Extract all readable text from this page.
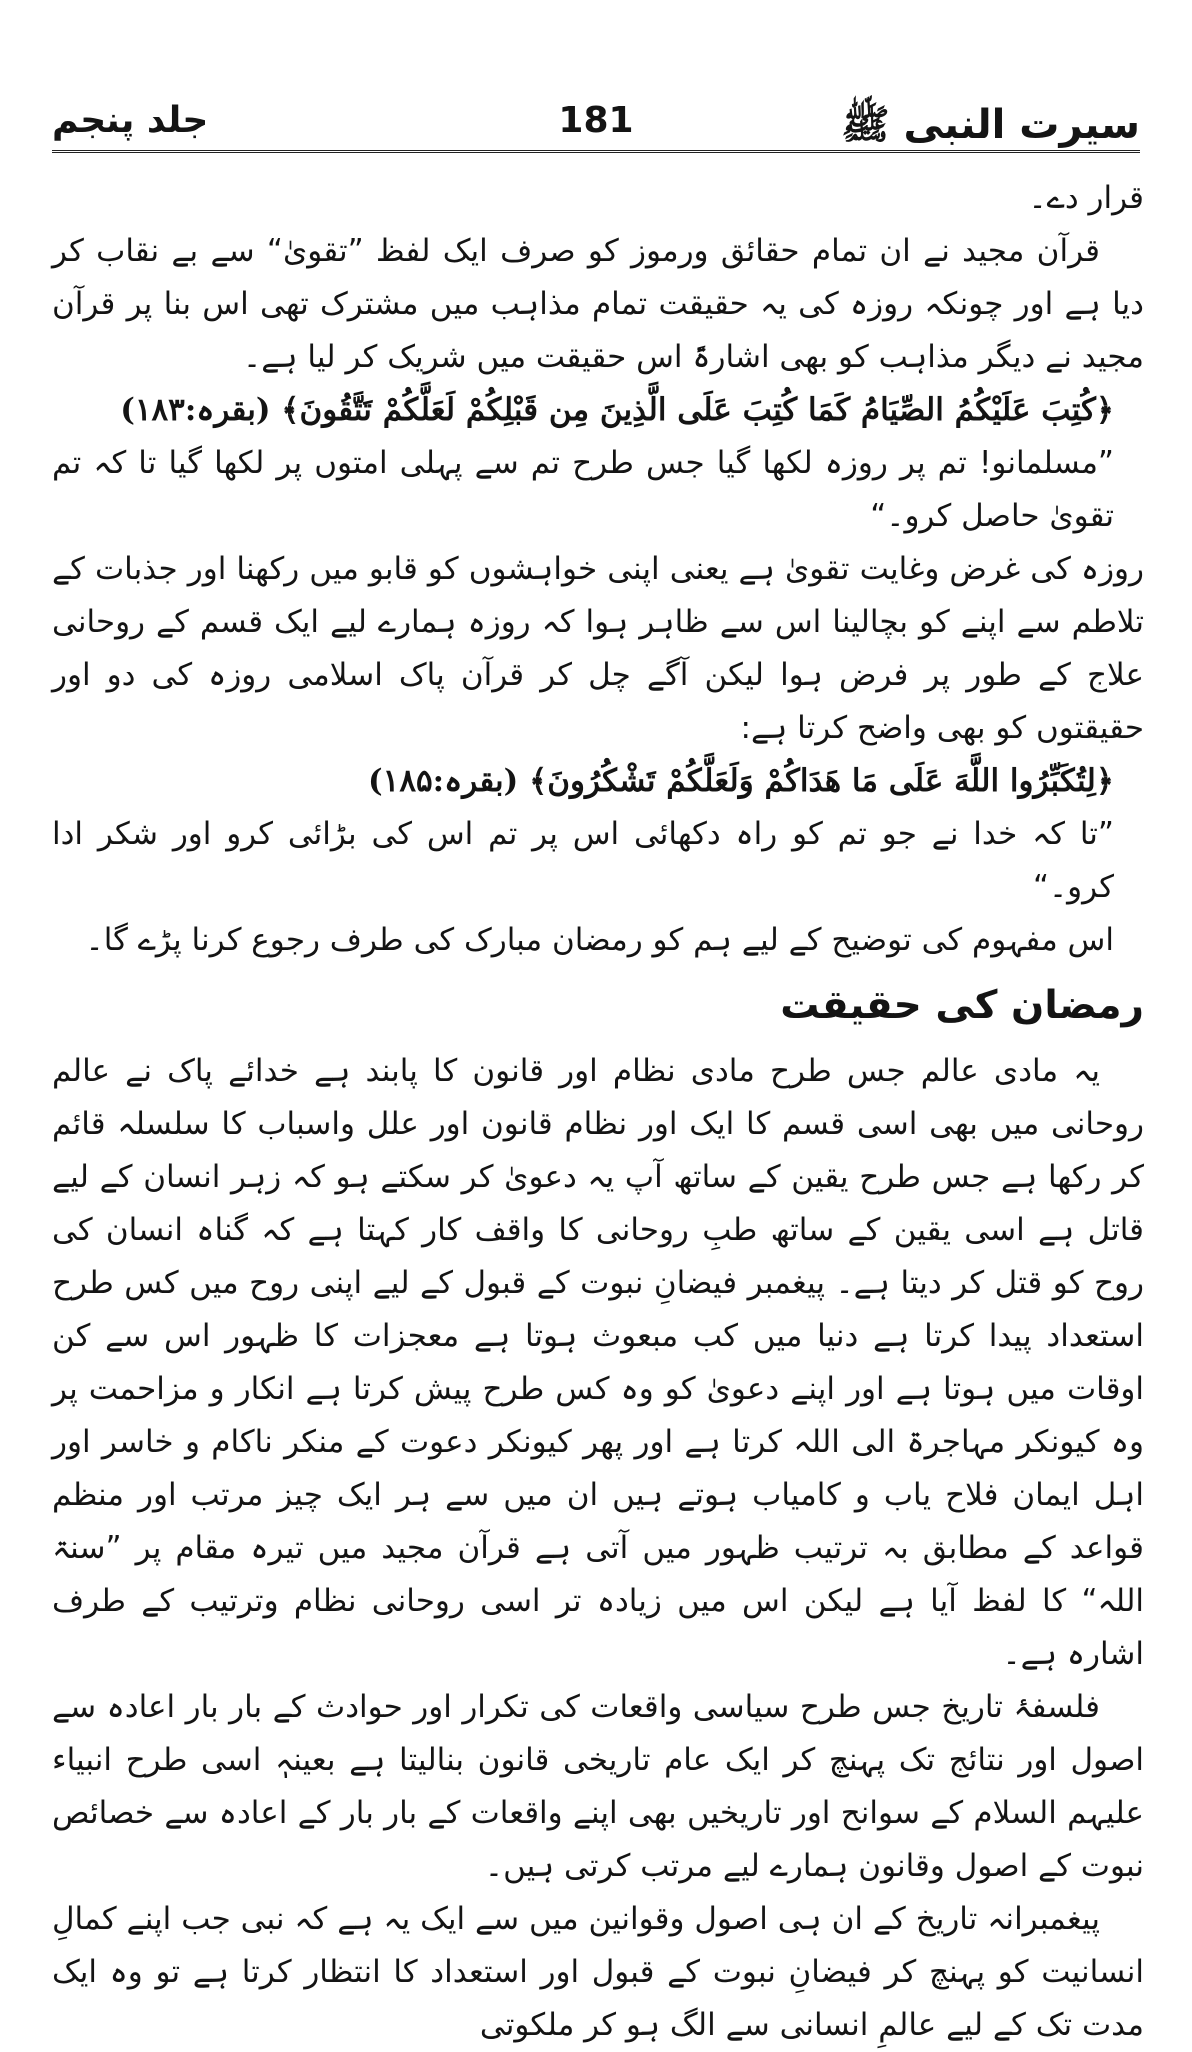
سیرت النبی ﷺ
181
جلد پنجم

قرار دے۔

قرآن مجید نے ان تمام حقائق ورموز کو صرف ایک لفظ ”تقویٰ“ سے بے نقاب کر دیا ہے اور چونکہ روزہ کی یہ حقیقت تمام مذاہب میں مشترک تھی اس بنا پر قرآن مجید نے دیگر مذاہب کو بھی اشارۃً اس حقیقت میں شریک کر لیا ہے۔

﴿كُتِبَ عَلَيْكُمُ الصِّيَامُ كَمَا كُتِبَ عَلَى الَّذِينَ مِن قَبْلِكُمْ لَعَلَّكُمْ تَتَّقُونَ﴾ (بقرہ:۱۸۳)

”مسلمانو! تم پر روزہ لکھا گیا جس طرح تم سے پہلی امتوں پر لکھا گیا تا کہ تم تقویٰ حاصل کرو۔“

روزہ کی غرض وغایت تقویٰ ہے یعنی اپنی خواہشوں کو قابو میں رکھنا اور جذبات کے تلاطم سے اپنے کو بچالینا اس سے ظاہر ہوا کہ روزہ ہمارے لیے ایک قسم کے روحانی علاج کے طور پر فرض ہوا لیکن آگے چل کر قرآن پاک اسلامی روزہ کی دو اور حقیقتوں کو بھی واضح کرتا ہے:

﴿لِتُكَبِّرُوا اللَّهَ عَلَى مَا هَدَاكُمْ وَلَعَلَّكُمْ تَشْكُرُونَ﴾ (بقرہ:۱۸۵)

”تا کہ خدا نے جو تم کو راہ دکھائی اس پر تم اس کی بڑائی کرو اور شکر ادا کرو۔“

اس مفہوم کی توضیح کے لیے ہم کو رمضان مبارک کی طرف رجوع کرنا پڑے گا۔

رمضان کی حقیقت

یہ مادی عالم جس طرح مادی نظام اور قانون کا پابند ہے خدائے پاک نے عالم روحانی میں بھی اسی قسم کا ایک اور نظام قانون اور علل واسباب کا سلسلہ قائم کر رکھا ہے جس طرح یقین کے ساتھ آپ یہ دعویٰ کر سکتے ہو کہ زہر انسان کے لیے قاتل ہے اسی یقین کے ساتھ طبِ روحانی کا واقف کار کہتا ہے کہ گناہ انسان کی روح کو قتل کر دیتا ہے۔ پیغمبر فیضانِ نبوت کے قبول کے لیے اپنی روح میں کس طرح استعداد پیدا کرتا ہے دنیا میں کب مبعوث ہوتا ہے معجزات کا ظہور اس سے کن اوقات میں ہوتا ہے اور اپنے دعویٰ کو وہ کس طرح پیش کرتا ہے انکار و مزاحمت پر وہ کیونکر مہاجرۃ الی اللہ کرتا ہے اور پھر کیونکر دعوت کے منکر ناکام و خاسر اور اہل ایمان فلاح یاب و کامیاب ہوتے ہیں ان میں سے ہر ایک چیز مرتب اور منظم قواعد کے مطابق بہ ترتیب ظہور میں آتی ہے قرآن مجید میں تیرہ مقام پر ”سنۃ اللہ“ کا لفظ آیا ہے لیکن اس میں زیادہ تر اسی روحانی نظام وترتیب کے طرف اشارہ ہے۔

فلسفۂ تاریخ جس طرح سیاسی واقعات کی تکرار اور حوادث کے بار بار اعادہ سے اصول اور نتائج تک پہنچ کر ایک عام تاریخی قانون بنالیتا ہے بعینہٖ اسی طرح انبیاء علیہم السلام کے سوانح اور تاریخیں بھی اپنے واقعات کے بار بار کے اعادہ سے خصائص نبوت کے اصول وقانون ہمارے لیے مرتب کرتی ہیں۔

پیغمبرانہ تاریخ کے ان ہی اصول وقوانین میں سے ایک یہ ہے کہ نبی جب اپنے کمالِ انسانیت کو پہنچ کر فیضانِ نبوت کے قبول اور استعداد کا انتظار کرتا ہے تو وہ ایک مدت تک کے لیے عالمِ انسانی سے الگ ہو کر ملکوتی
